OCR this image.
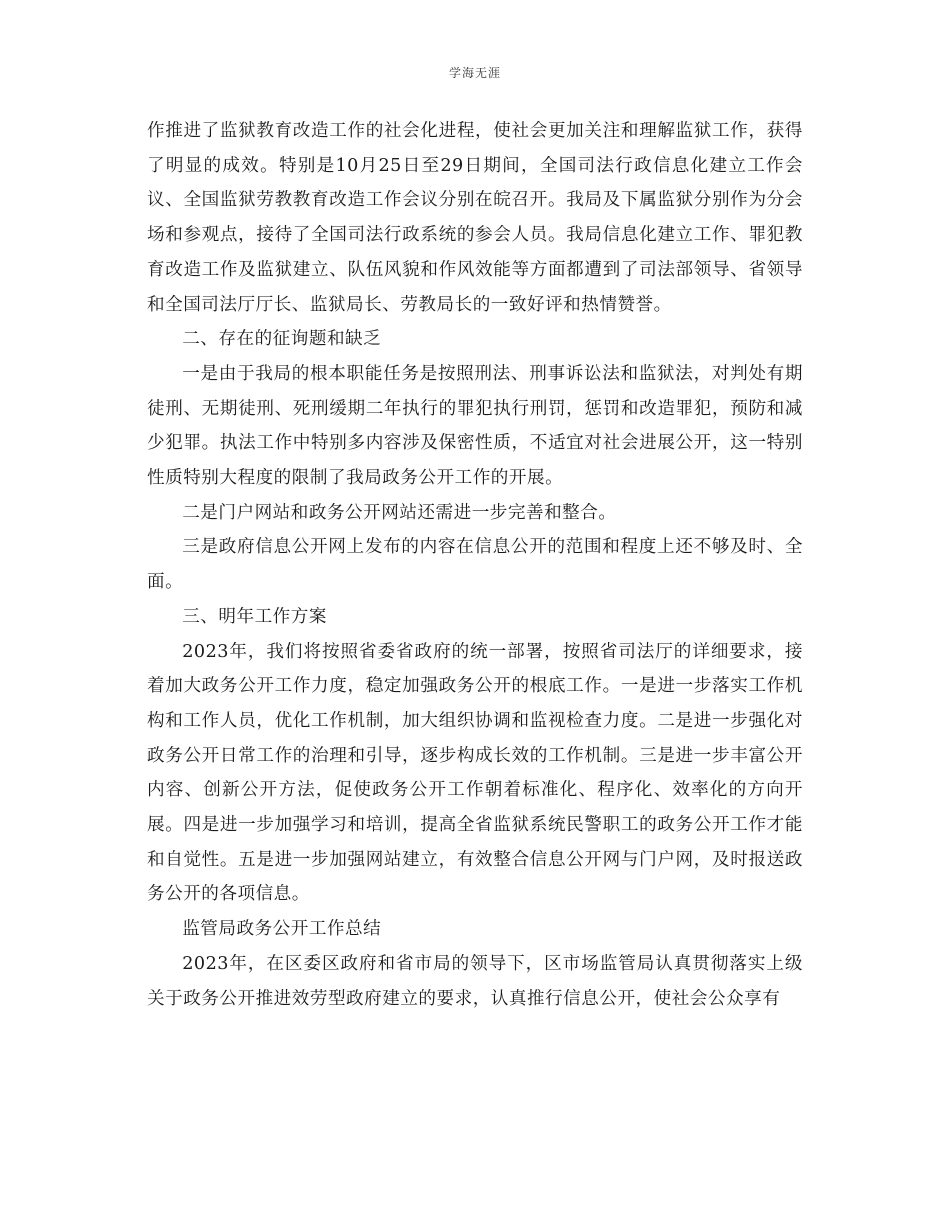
学海无涯

作推进了监狱教育改造工作的社会化进程，使社会更加关注和理解监狱工作，获得了明显的成效。特别是10月25日至29日期间，全国司法行政信息化建立工作会议、全国监狱劳教教育改造工作会议分别在皖召开。我局及下属监狱分别作为分会场和参观点，接待了全国司法行政系统的参会人员。我局信息化建立工作、罪犯教育改造工作及监狱建立、队伍风貌和作风效能等方面都遭到了司法部领导、省领导和全国司法厅厅长、监狱局长、劳教局长的一致好评和热情赞誉。

二、存在的征询题和缺乏

一是由于我局的根本职能任务是按照刑法、刑事诉讼法和监狱法，对判处有期徒刑、无期徒刑、死刑缓期二年执行的罪犯执行刑罚，惩罚和改造罪犯，预防和减少犯罪。执法工作中特别多内容涉及保密性质，不适宜对社会进展公开，这一特别性质特别大程度的限制了我局政务公开工作的开展。

二是门户网站和政务公开网站还需进一步完善和整合。

三是政府信息公开网上发布的内容在信息公开的范围和程度上还不够及时、全面。

三、明年工作方案

2023年，我们将按照省委省政府的统一部署，按照省司法厅的详细要求，接着加大政务公开工作力度，稳定加强政务公开的根底工作。一是进一步落实工作机构和工作人员，优化工作机制，加大组织协调和监视检查力度。二是进一步强化对政务公开日常工作的治理和引导，逐步构成长效的工作机制。三是进一步丰富公开内容、创新公开方法，促使政务公开工作朝着标准化、程序化、效率化的方向开展。四是进一步加强学习和培训，提高全省监狱系统民警职工的政务公开工作才能和自觉性。五是进一步加强网站建立，有效整合信息公开网与门户网，及时报送政务公开的各项信息。

监管局政务公开工作总结

2023年，在区委区政府和省市局的领导下，区市场监管局认真贯彻落实上级关于政务公开推进效劳型政府建立的要求，认真推行信息公开，使社会公众享有
